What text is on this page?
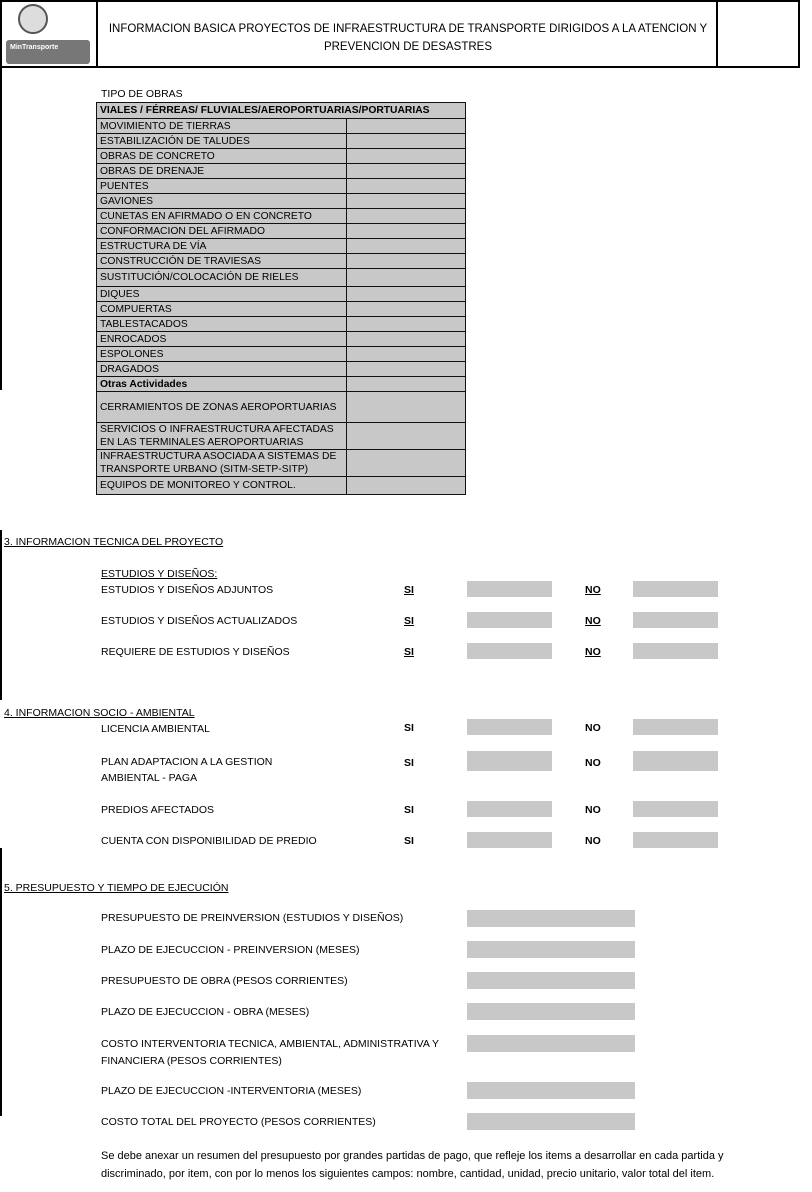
MinTransporte
INFORMACION BASICA PROYECTOS DE INFRAESTRUCTURA DE TRANSPORTE DIRIGIDOS A LA ATENCION Y PREVENCION DE DESASTRES
TIPO DE OBRAS
VIALES / FÉRREAS/ FLUVIALES/AEROPORTUARIAS/PORTUARIAS	
MOVIMIENTO DE TIERRAS	
ESTABILIZACIÓN DE TALUDES	
OBRAS DE CONCRETO	
OBRAS DE DRENAJE	
PUENTES	
GAVIONES	
CUNETAS EN AFIRMADO O EN CONCRETO	
CONFORMACION DEL AFIRMADO	
ESTRUCTURA DE VÍA	
CONSTRUCCIÓN DE TRAVIESAS	
SUSTITUCIÓN/COLOCACIÓN DE RIELES	
DIQUES	
COMPUERTAS	
TABLESTACADOS	
ENROCADOS	
ESPOLONES	
DRAGADOS	
Otras Actividades	
CERRAMIENTOS DE ZONAS AEROPORTUARIAS	
SERVICIOS O INFRAESTRUCTURA AFECTADAS EN LAS TERMINALES AEROPORTUARIAS	
INFRAESTRUCTURA ASOCIADA A SISTEMAS DE TRANSPORTE URBANO (SITM-SETP-SITP)	
EQUIPOS DE MONITOREO Y CONTROL.	
3. INFORMACION TECNICA DEL PROYECTO
ESTUDIOS Y DISEÑOS:
ESTUDIOS Y DISEÑOS ADJUNTOS	SI	NO
ESTUDIOS Y DISEÑOS ACTUALIZADOS	SI	NO
REQUIERE DE ESTUDIOS Y DISEÑOS	SI	NO
4. INFORMACION SOCIO - AMBIENTAL
LICENCIA AMBIENTAL	SI	NO
PLAN ADAPTACION A LA GESTION AMBIENTAL - PAGA
SI	NO
PREDIOS AFECTADOS	SI	NO
CUENTA CON DISPONIBILIDAD DE PREDIO	SI	NO
5. PRESUPUESTO Y TIEMPO DE EJECUCIÓN
PRESUPUESTO DE PREINVERSION (ESTUDIOS Y DISEÑOS)
PLAZO DE EJECUCCION - PREINVERSION (MESES)
PRESUPUESTO DE OBRA (PESOS CORRIENTES)
PLAZO DE EJECUCCION - OBRA (MESES)
COSTO INTERVENTORIA TECNICA, AMBIENTAL, ADMINISTRATIVA Y FINANCIERA (PESOS CORRIENTES)
PLAZO DE EJECUCCION -INTERVENTORIA (MESES)
COSTO TOTAL DEL PROYECTO (PESOS CORRIENTES)
Se debe anexar un resumen del presupuesto por grandes partidas de pago, que refleje los items a desarrollar en cada partida y discriminado, por item, con por lo menos los siguientes campos: nombre, cantidad, unidad, precio unitario, valor total del item.
